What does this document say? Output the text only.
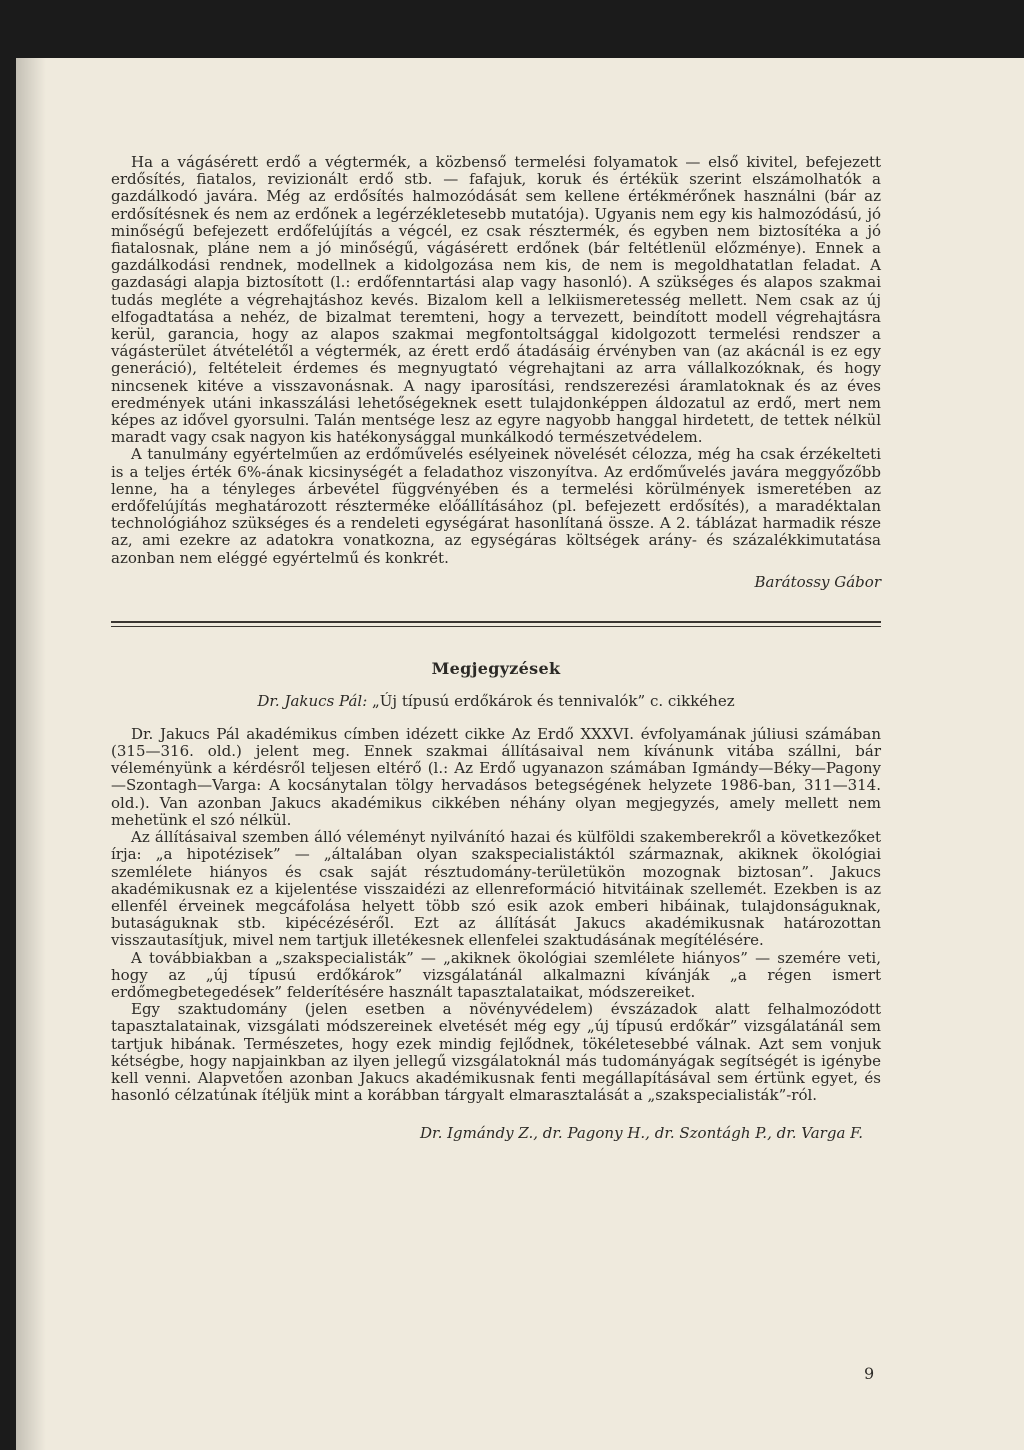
Ha a vágásérett erdő a végtermék, a közbenső termelési folyamatok — első kivitel, befejezett erdősítés, fiatalos, revizionált erdő stb. — fafajuk, koruk és értékük szerint elszámolhatók a gazdálkodó javára. Még az erdősítés halmozódását sem kellene értékmérőnek használni (bár az erdősítésnek és nem az erdőnek a legérzékletesebb mutatója). Ugyanis nem egy kis halmozódású, jó minőségű befejezett erdőfelújítás a végcél, ez csak résztermék, és egyben nem biztosítéka a jó fiatalosnak, pláne nem a jó minőségű, vágásérett erdőnek (bár feltétlenül előzménye). Ennek a gazdálkodási rendnek, modellnek a kidolgozása nem kis, de nem is megoldhatatlan feladat. A gazdasági alapja biztosított (l.: erdőfenntartási alap vagy hasonló). A szükséges és alapos szakmai tudás megléte a végrehajtáshoz kevés. Bizalom kell a lelkiismeretesség mellett. Nem csak az új elfogadtatása a nehéz, de bizalmat teremteni, hogy a tervezett, beindított modell végrehajtásra kerül, garancia, hogy az alapos szakmai megfontoltsággal kidolgozott termelési rendszer a vágásterület átvételétől a végtermék, az érett erdő átadásáig érvényben van (az akácnál is ez egy generáció), feltételeit érdemes és megnyugtató végrehajtani az arra vállalkozóknak, és hogy nincsenek kitéve a visszavonásnak. A nagy iparosítási, rendszerezési áramlatoknak és az éves eredmények utáni inkasszálási lehetőségeknek esett tulajdonképpen áldozatul az erdő, mert nem képes az idővel gyorsulni. Talán mentsége lesz az egyre nagyobb hanggal hirdetett, de tettek nélkül maradt vagy csak nagyon kis hatékonysággal munkálkodó természetvédelem.

A tanulmány egyértelműen az erdőművelés esélyeinek növelését célozza, még ha csak érzékelteti is a teljes érték 6%-ának kicsinységét a feladathoz viszonyítva. Az erdőművelés javára meggyőzőbb lenne, ha a tényleges árbevétel függvényében és a termelési körülmények ismeretében az erdőfelújítás meghatározott részterméke előállításához (pl. befejezett erdősítés), a maradéktalan technológiához szükséges és a rendeleti egységárat hasonlítaná össze. A 2. táblázat harmadik része az, ami ezekre az adatokra vonatkozna, az egységáras költségek arány- és százalékkimutatása azonban nem eléggé egyértelmű és konkrét.

Barátossy Gábor
Megjegyzések
Dr. Jakucs Pál: „Új típusú erdőkárok és tennivalók” c. cikkéhez

Dr. Jakucs Pál akadémikus címben idézett cikke Az Erdő XXXVI. évfolyamának júliusi számában (315—316. old.) jelent meg. Ennek szakmai állításaival nem kívánunk vitába szállni, bár véleményünk a kérdésről teljesen eltérő (l.: Az Erdő ugyanazon számában Igmándy—Béky—Pagony—Szontagh—Varga: A kocsánytalan tölgy hervadásos betegségének helyzete 1986-ban, 311—314. old.). Van azonban Jakucs akadémikus cikkében néhány olyan megjegyzés, amely mellett nem mehetünk el szó nélkül.

Az állításaival szemben álló véleményt nyilvánító hazai és külföldi szakemberekről a következőket írja: „a hipotézisek” — „általában olyan szakspecialistáktól származnak, akiknek ökológiai szemlélete hiányos és csak saját résztudomány-területükön mozognak biztosan”. Jakucs akadémikusnak ez a kijelentése visszaidézi az ellenreformáció hitvitáinak szellemét. Ezekben is az ellenfél érveinek megcáfolása helyett több szó esik azok emberi hibáinak, tulajdonságuknak, butaságuknak stb. kipécézéséről. Ezt az állítását Jakucs akadémikusnak határozottan visszautasítjuk, mivel nem tartjuk illetékesnek ellenfelei szaktudásának megítélésére.

A továbbiakban a „szakspecialisták” — „akiknek ökológiai szemlélete hiányos” — szemére veti, hogy az „új típusú erdőkárok” vizsgálatánál alkalmazni kívánják „a régen ismert erdőmegbetegedések” felderítésére használt tapasztalataikat, módszereiket.

Egy szaktudomány (jelen esetben a növényvédelem) évszázadok alatt felhalmozódott tapasztalatainak, vizsgálati módszereinek elvetését még egy „új típusú erdőkár” vizsgálatánál sem tartjuk hibának. Természetes, hogy ezek mindig fejlődnek, tökéletesebbé válnak. Azt sem vonjuk kétségbe, hogy napjainkban az ilyen jellegű vizsgálatoknál más tudományágak segítségét is igénybe kell venni. Alapvetően azonban Jakucs akadémikusnak fenti megállapításával sem értünk egyet, és hasonló célzatúnak ítéljük mint a korábban tárgyalt elmarasztalását a „szakspecialisták”-ról.

Dr. Igmándy Z., dr. Pagony H., dr. Szontágh P., dr. Varga F.
9
